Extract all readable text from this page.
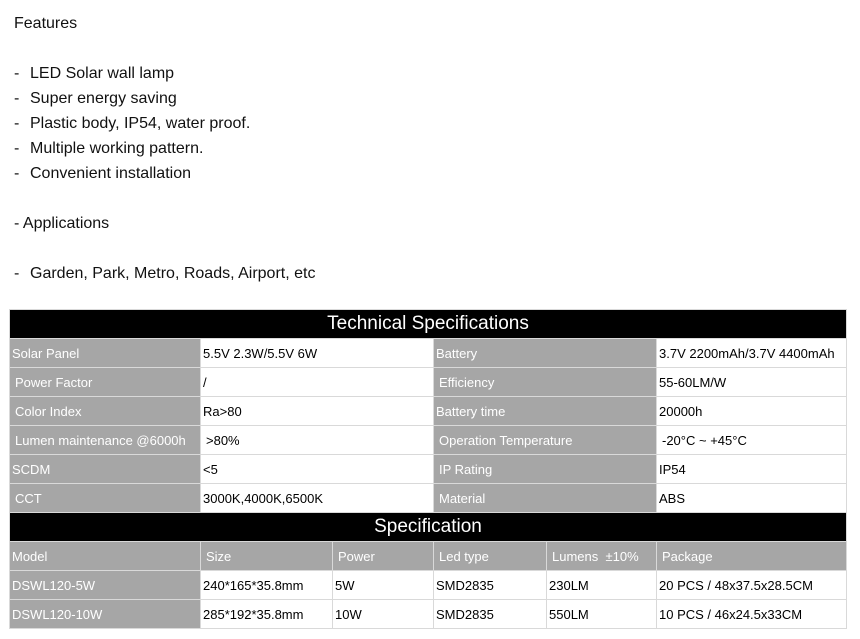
Features
- LED Solar wall lamp
- Super energy saving
- Plastic body, IP54, water proof.
- Multiple working pattern.
- Convenient installation
- Applications
- Garden, Park, Metro, Roads, Airport, etc
Technical Specifications					
Solar Panel	5.5V 2.3W/5.5V 6W		Battery		3.7V 2200mAh/3.7V 4400mAh
Power Factor	/		Efficiency		55-60LM/W
Color Index	Ra>80		Battery time		20000h
Lumen maintenance @6000h	>80%		Operation Temperature		-20°C ~ +45°C
SCDM	<5		IP Rating		IP54
CCT	3000K,4000K,6500K		Material		ABS
Specification					
Model	Size	Power	Led type	Lumens  ±10%	Package
DSWL120-5W	240*165*35.8mm	5W	SMD2835	230LM	20 PCS / 48x37.5x28.5CM
DSWL120-10W	285*192*35.8mm	10W	SMD2835	550LM	10 PCS / 46x24.5x33CM
